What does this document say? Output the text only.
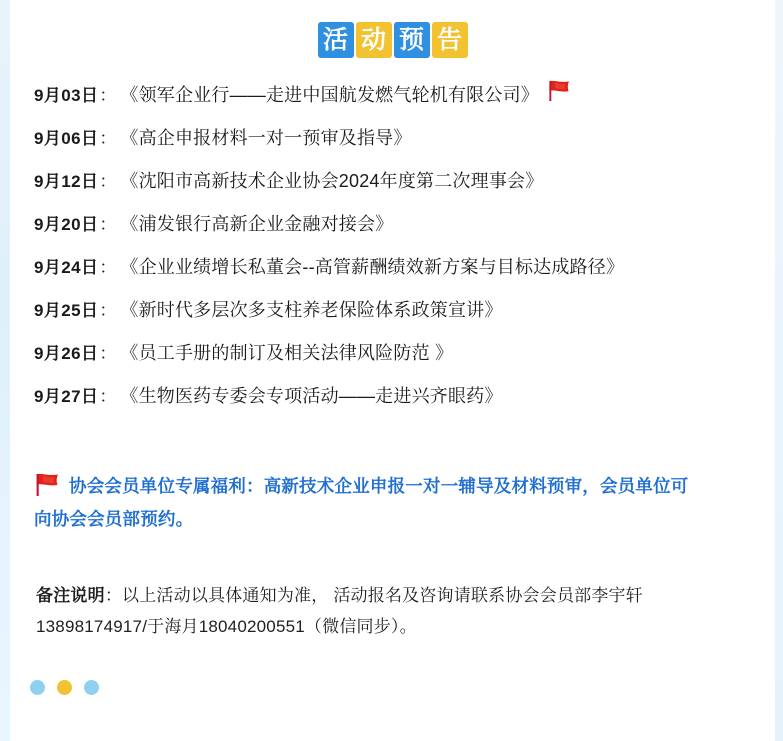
活 动 预 告
9月03日 ： 《领军企业行——走进中国航发燃气轮机有限公司》
9月06日 ： 《高企申报材料一对一预审及指导》
9月12日 ： 《沈阳市高新技术企业协会2024年度第二次理事会》
9月20日 ： 《浦发银行高新企业金融对接会》
9月24日 ： 《企业业绩增长私董会--高管薪酬绩效新方案与目标达成路径》
9月25日 ： 《新时代多层次多支柱养老保险体系政策宣讲》
9月26日 ： 《员工手册的制订及相关法律风险防范 》
9月27日 ： 《生物医药专委会专项活动——走进兴齐眼药》
协会会员单位专属福利：高新技术企业申报一对一辅导及材料预审，会员单位可
向协会会员部预约。
备注说明：以上活动以具体通知为准， 活动报名及咨询请联系协会会员部李宇轩
13898174917/于海月18040200551（微信同步）。
